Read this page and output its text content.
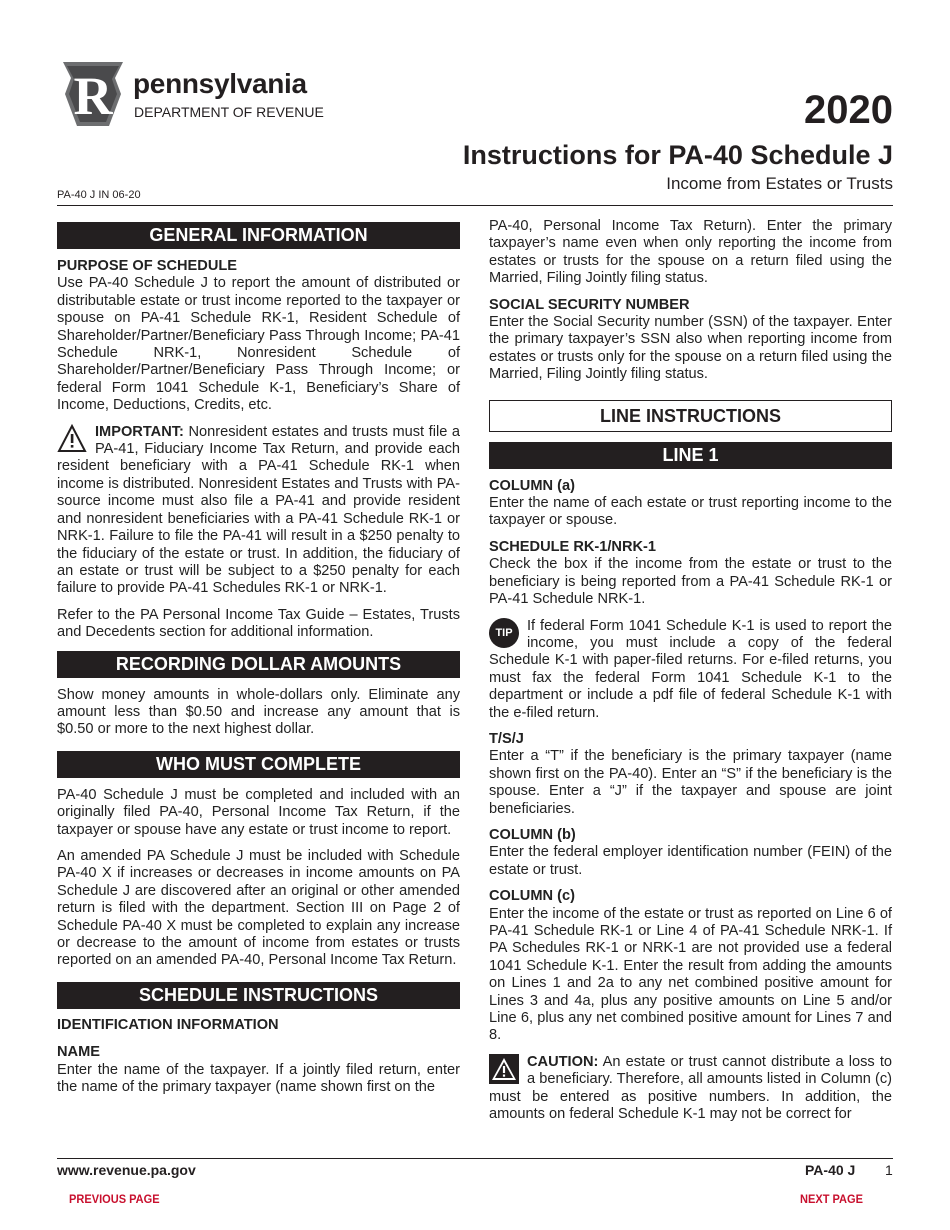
R pennsylvania
DEPARTMENT OF REVENUE	2020
Instructions for PA-40 Schedule J
Income from Estates or Trusts
PA-40 J IN 06-20
GENERAL INFORMATION
PURPOSE OF SCHEDULE

Use PA-40 Schedule J to report the amount of distributed or distributable estate or trust income reported to the taxpayer or spouse on PA-41 Schedule RK-1, Resident Schedule of Shareholder/Partner/Beneficiary Pass Through Income; PA-41 Schedule NRK-1, Nonresident Schedule of Shareholder/Partner/Beneficiary Pass Through Income; or federal Form 1041 Schedule K-1, Beneficiary’s Share of Income, Deductions, Credits, etc.

IMPORTANT: Nonresident estates and trusts must file a PA-41, Fiduciary Income Tax Return, and provide each resident beneficiary with a PA-41 Schedule RK-1 when income is distributed. Nonresident Estates and Trusts with PA-source income must also file a PA-41 and provide resident and nonresident beneficiaries with a PA-41 Schedule RK-1 or NRK-1. Failure to file the PA-41 will result in a $250 penalty to the fiduciary of the estate or trust. In addition, the fiduciary of an estate or trust will be subject to a $250 penalty for each failure to provide PA-41 Schedules RK-1 or NRK-1.

Refer to the PA Personal Income Tax Guide – Estates, Trusts and Decedents section for additional information.

RECORDING DOLLAR AMOUNTS

Show money amounts in whole-dollars only. Eliminate any amount less than $0.50 and increase any amount that is $0.50 or more to the next highest dollar.

WHO MUST COMPLETE

PA-40 Schedule J must be completed and included with an originally filed PA-40, Personal Income Tax Return, if the taxpayer or spouse have any estate or trust income to report.

An amended PA Schedule J must be included with Schedule PA-40 X if increases or decreases in income amounts on PA Schedule J are discovered after an original or other amended return is filed with the department. Section III on Page 2 of Schedule PA-40 X must be completed to explain any increase or decrease to the amount of income from estates or trusts reported on an amended PA-40, Personal Income Tax Return.

SCHEDULE INSTRUCTIONS
IDENTIFICATION INFORMATION
NAME

Enter the name of the taxpayer. If a jointly filed return, enter the name of the primary taxpayer (name shown first on the

PA-40, Personal Income Tax Return). Enter the primary taxpayer’s name even when only reporting the income from estates or trusts for the spouse on a return filed using the Married, Filing Jointly filing status.

SOCIAL SECURITY NUMBER

Enter the Social Security number (SSN) of the taxpayer. Enter the primary taxpayer’s SSN also when reporting income from estates or trusts only for the spouse on a return filed using the Married, Filing Jointly filing status.

LINE INSTRUCTIONS
LINE 1
COLUMN (a)

Enter the name of each estate or trust reporting income to the taxpayer or spouse.

SCHEDULE RK-1/NRK-1

Check the box if the income from the estate or trust to the beneficiary is being reported from a PA-41 Schedule RK-1 or PA-41 Schedule NRK-1.

TIP If federal Form 1041 Schedule K-1 is used to report the income, you must include a copy of the federal Schedule K-1 with paper-filed returns. For e-filed returns, you must fax the federal Form 1041 Schedule K-1 to the department or include a pdf file of federal Schedule K-1 with the e-filed return.

T/S/J

Enter a “T” if the beneficiary is the primary taxpayer (name shown first on the PA-40). Enter an “S” if the beneficiary is the spouse. Enter a “J” if the taxpayer and spouse are joint beneficiaries.

COLUMN (b)

Enter the federal employer identification number (FEIN) of the estate or trust.

COLUMN (c)

Enter the income of the estate or trust as reported on Line 6 of PA-41 Schedule RK-1 or Line 4 of PA-41 Schedule NRK-1. If PA Schedules RK-1 or NRK-1 are not provided use a federal 1041 Schedule K-1. Enter the result from adding the amounts on Lines 1 and 2a to any net combined positive amount for Lines 3 and 4a, plus any positive amounts on Line 5 and/or Line 6, plus any net combined positive amount for Lines 7 and 8.

CAUTION: An estate or trust cannot distribute a loss to a beneficiary. Therefore, all amounts listed in Column (c) must be entered as positive numbers. In addition, the amounts on federal Schedule K-1 may not be correct for

www.revenue.pa.gov	PA-40 J 1
PREVIOUS PAGE	NEXT PAGE
